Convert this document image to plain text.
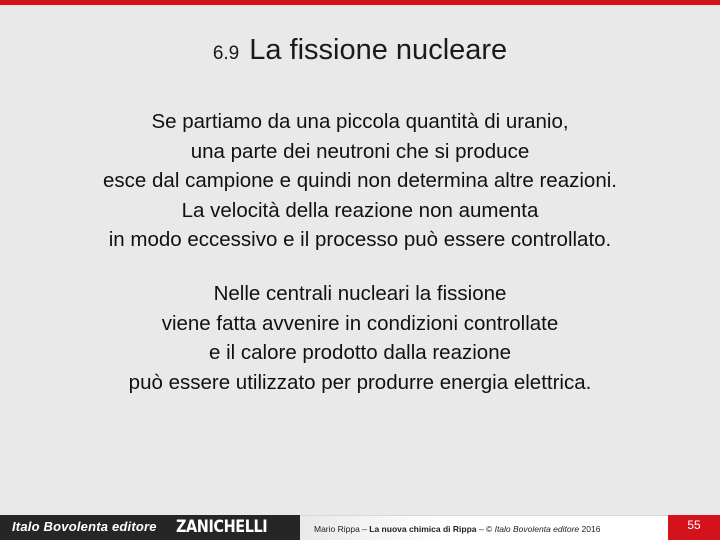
6.9 La fissione nucleare
Se partiamo da una piccola quantità di uranio,
una parte dei neutroni che si produce
esce dal campione e quindi non determina altre reazioni.
La velocità della reazione non aumenta
in modo eccessivo e il processo può essere controllato.
Nelle centrali nucleari la fissione
viene fatta avvenire in condizioni controllate
e il calore prodotto dalla reazione
può essere utilizzato per produrre energia elettrica.
Italo Bovolenta editore ZANICHELLI	Mario Rippa – La nuova chimica di Rippa – © Italo Bovolenta editore 2016	55
